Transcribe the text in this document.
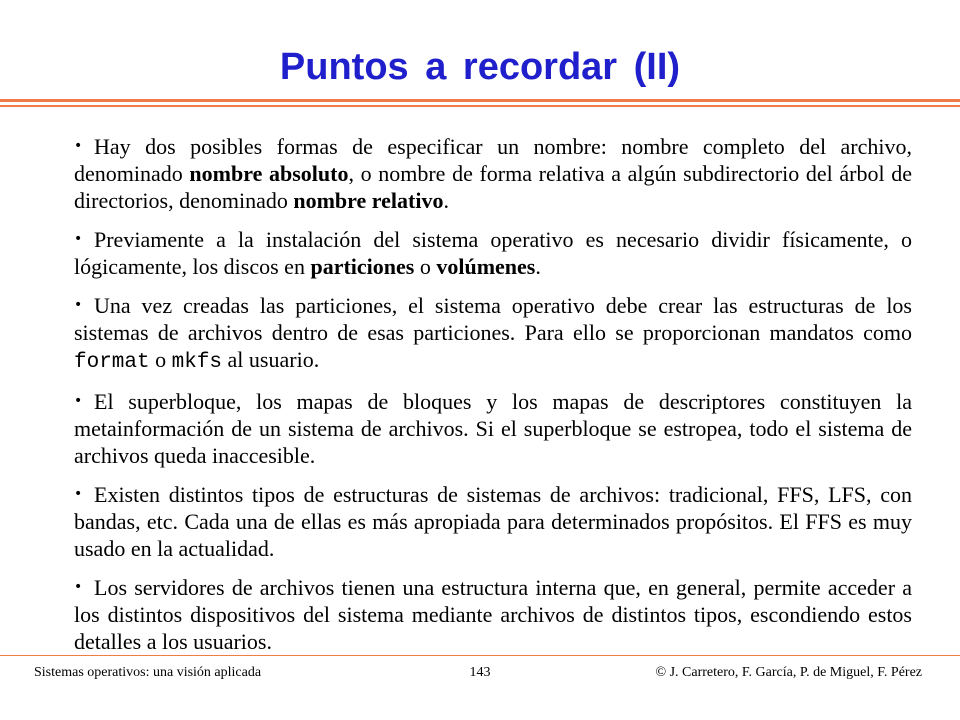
Puntos a recordar (II)
• Hay dos posibles formas de especificar un nombre: nombre completo del archivo, denominado nombre absoluto, o nombre de forma relativa a algún subdirectorio del árbol de directorios, denominado nombre relativo.
• Previamente a la instalación del sistema operativo es necesario dividir físicamente, o lógicamente, los discos en particiones o volúmenes.
• Una vez creadas las particiones, el sistema operativo debe crear las estructuras de los sistemas de archivos dentro de esas particiones. Para ello se proporcionan mandatos como format o mkfs al usuario.
• El superbloque, los mapas de bloques y los mapas de descriptores constituyen la metainformación de un sistema de archivos. Si el superbloque se estropea, todo el sistema de archivos queda inaccesible.
• Existen distintos tipos de estructuras de sistemas de archivos: tradicional, FFS, LFS, con bandas, etc. Cada una de ellas es más apropiada para determinados propósitos. El FFS es muy usado en la actualidad.
• Los servidores de archivos tienen una estructura interna que, en general, permite acceder a los distintos dispositivos del sistema mediante archivos de distintos tipos, escondiendo estos detalles a los usuarios.
Sistemas operativos: una visión aplicada	143	© J. Carretero, F. García, P. de Miguel, F. Pérez
